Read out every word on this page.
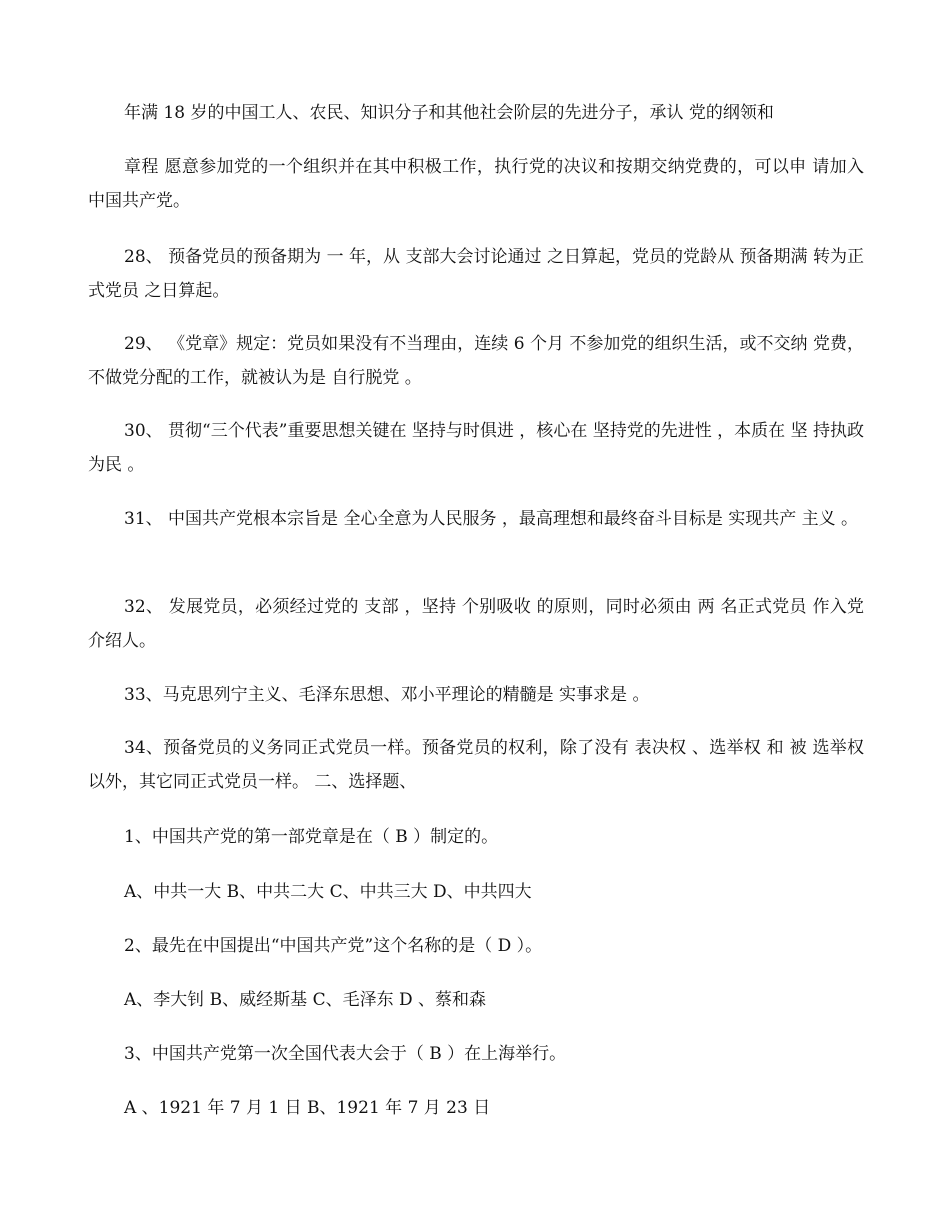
年满 18 岁的中国工人、农民、知识分子和其他社会阶层的先进分子，承认 党的纲领和

章程 愿意参加党的一个组织并在其中积极工作，执行党的决议和按期交纳党费的，可以申 请加入中国共产党。

28、 预备党员的预备期为 一 年，从 支部大会讨论通过 之日算起，党员的党龄从 预备期满 转为正式党员 之日算起。

29、 《党章》规定：党员如果没有不当理由，连续 6 个月 不参加党的组织生活，或不交纳 党费，不做党分配的工作，就被认为是 自行脱党 。

30、 贯彻“三个代表”重要思想关键在 坚持与时俱进 ，核心在 坚持党的先进性 ，本质在 坚 持执政为民 。

31、 中国共产党根本宗旨是 全心全意为人民服务 ，最高理想和最终奋斗目标是 实现共产 主义 。

32、 发展党员，必须经过党的 支部 ，坚持 个别吸收 的原则，同时必须由 两 名正式党员 作入党介绍人。

33、马克思列宁主义、毛泽东思想、邓小平理论的精髓是 实事求是 。

34、预备党员的义务同正式党员一样。预备党员的权利，除了没有 表决权 、选举权 和 被 选举权 以外，其它同正式党员一样。 二、选择题、

1、中国共产党的第一部党章是在（ B ）制定的。

A、中共一大 B、中共二大 C、中共三大 D、中共四大

2、最先在中国提出“中国共产党”这个名称的是（ D ）。

A、李大钊 B、威经斯基 C、毛泽东 D 、蔡和森

3、中国共产党第一次全国代表大会于（ B ）在上海举行。

A 、1921 年 7 月 1 日 B、1921 年 7 月 23 日
